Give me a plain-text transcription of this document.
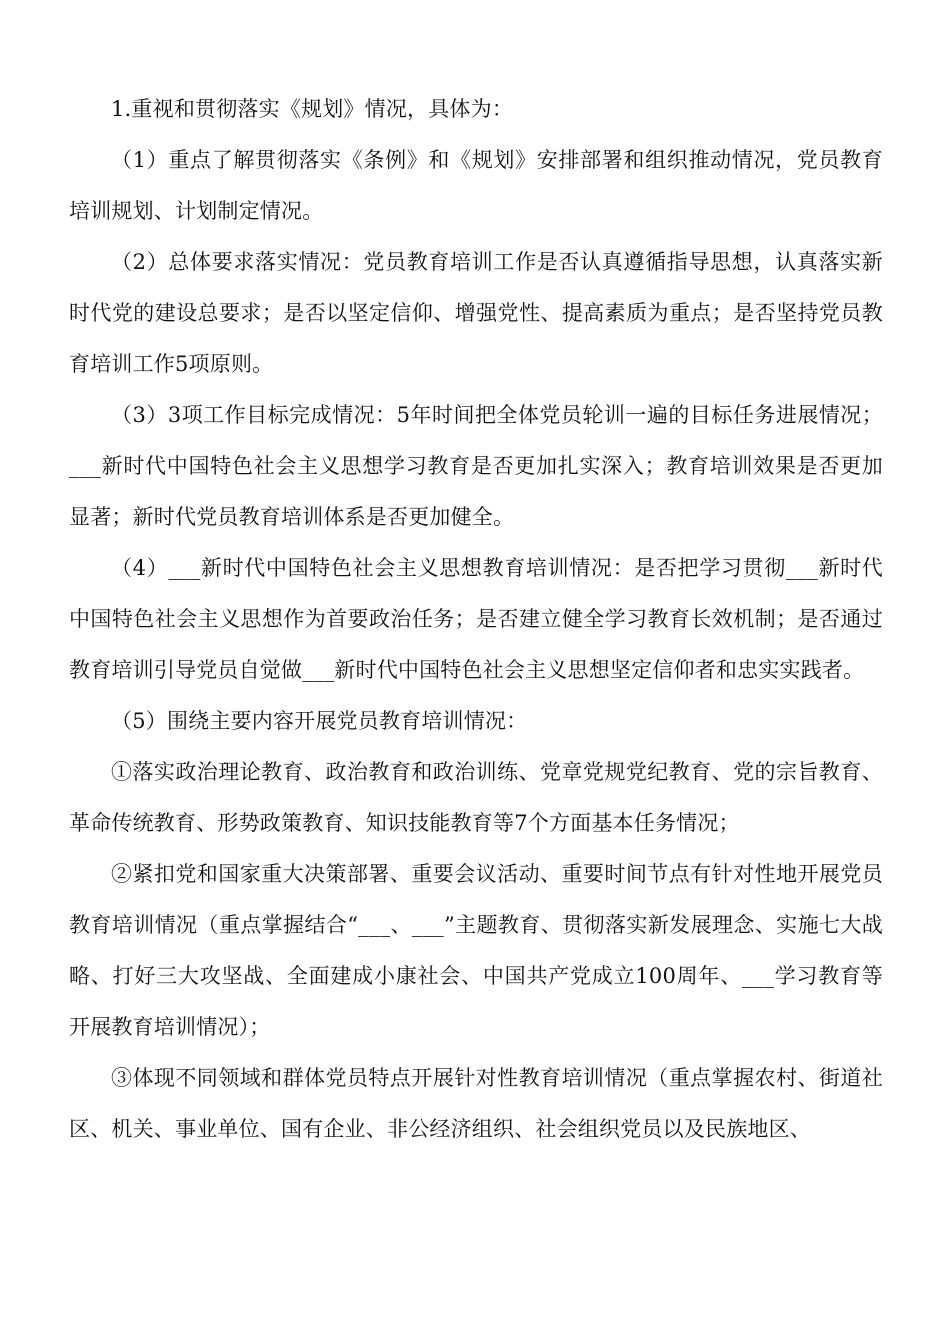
1.重视和贯彻落实《规划》情况，具体为：

（1）重点了解贯彻落实《条例》和《规划》安排部署和组织推动情况，党员教育培训规划、计划制定情况。

（2）总体要求落实情况：党员教育培训工作是否认真遵循指导思想，认真落实新时代党的建设总要求；是否以坚定信仰、增强党性、提高素质为重点；是否坚持党员教育培训工作5项原则。

（3）3项工作目标完成情况：5年时间把全体党员轮训一遍的目标任务进展情况；___新时代中国特色社会主义思想学习教育是否更加扎实深入；教育培训效果是否更加显著；新时代党员教育培训体系是否更加健全。

（4）___新时代中国特色社会主义思想教育培训情况：是否把学习贯彻___新时代中国特色社会主义思想作为首要政治任务；是否建立健全学习教育长效机制；是否通过教育培训引导党员自觉做___新时代中国特色社会主义思想坚定信仰者和忠实实践者。

（5）围绕主要内容开展党员教育培训情况：

①落实政治理论教育、政治教育和政治训练、党章党规党纪教育、党的宗旨教育、革命传统教育、形势政策教育、知识技能教育等7个方面基本任务情况；

②紧扣党和国家重大决策部署、重要会议活动、重要时间节点有针对性地开展党员教育培训情况（重点掌握结合“___、___”主题教育、贯彻落实新发展理念、实施七大战略、打好三大攻坚战、全面建成小康社会、中国共产党成立100周年、___学习教育等开展教育培训情况）；

③体现不同领域和群体党员特点开展针对性教育培训情况（重点掌握农村、街道社区、机关、事业单位、国有企业、非公经济组织、社会组织党员以及民族地区、
